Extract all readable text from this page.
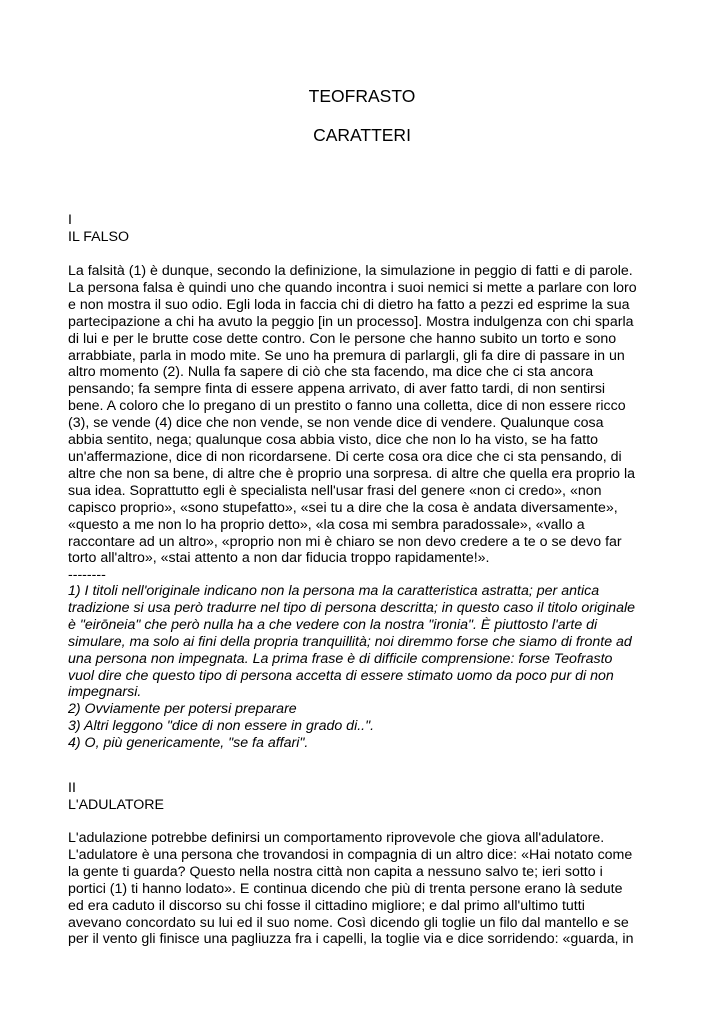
TEOFRASTO
CARATTERI
I
IL FALSO
La falsità (1) è dunque, secondo la definizione, la simulazione in peggio di fatti e di parole.
La persona falsa è quindi uno che quando incontra i suoi nemici si mette a parlare con loro
e non mostra il suo odio. Egli loda in faccia chi di dietro ha fatto a pezzi ed esprime la sua
partecipazione a chi ha avuto la peggio [in un processo]. Mostra indulgenza con chi sparla
di lui e per le brutte cose dette contro. Con le persone che hanno subito un torto e sono
arrabbiate, parla in modo mite. Se uno ha premura di parlargli, gli fa dire di passare in un
altro momento (2). Nulla fa sapere di ciò che sta facendo, ma dice che ci sta ancora
pensando; fa sempre finta di essere appena arrivato, di aver fatto tardi, di non sentirsi
bene. A coloro che lo pregano di un prestito o fanno una colletta, dice di non essere ricco
(3), se vende (4) dice che non vende, se non vende dice di vendere. Qualunque cosa
abbia sentito, nega; qualunque cosa abbia visto, dice che non lo ha visto, se ha fatto
un'affermazione, dice di non ricordarsene. Di certe cosa ora dice che ci sta pensando, di
altre che non sa bene, di altre che è proprio una sorpresa. di altre che quella era proprio la
sua idea. Soprattutto egli è specialista nell'usar frasi del genere «non ci credo», «non
capisco proprio», «sono stupefatto», «sei tu a dire che la cosa è andata diversamente»,
«questo a me non lo ha proprio detto», «la cosa mi sembra paradossale», «vallo a
raccontare ad un altro», «proprio non mi è chiaro se non devo credere a te o se devo far
torto all'altro», «stai attento a non dar fiducia troppo rapidamente!».
--------
1) I titoli nell'originale indicano non la persona ma la caratteristica astratta; per antica
tradizione si usa però tradurre nel tipo di persona descritta; in questo caso il titolo originale
è "eirōneia" che però nulla ha a che vedere con la nostra "ironia". È piuttosto l'arte di
simulare, ma solo ai fini della propria tranquillità; noi diremmo forse che siamo di fronte ad
una persona non impegnata. La prima frase è di difficile comprensione: forse Teofrasto
vuol dire che questo tipo di persona accetta di essere stimato uomo da poco pur di non
impegnarsi.
2) Ovviamente per potersi preparare
3) Altri leggono "dice di non essere in grado di..".
4) O, più genericamente, "se fa affari".
II
L'ADULATORE
L'adulazione potrebbe definirsi un comportamento riprovevole che giova all'adulatore.
L'adulatore è una persona che trovandosi in compagnia di un altro dice: «Hai notato come
la gente ti guarda? Questo nella nostra città non capita a nessuno salvo te; ieri sotto i
portici (1) ti hanno lodato». E continua dicendo che più di trenta persone erano là sedute
ed era caduto il discorso su chi fosse il cittadino migliore; e dal primo all'ultimo tutti
avevano concordato su lui ed il suo nome. Così dicendo gli toglie un filo dal mantello e se
per il vento gli finisce una pagliuzza fra i capelli, la toglie via e dice sorridendo: «guarda, in
